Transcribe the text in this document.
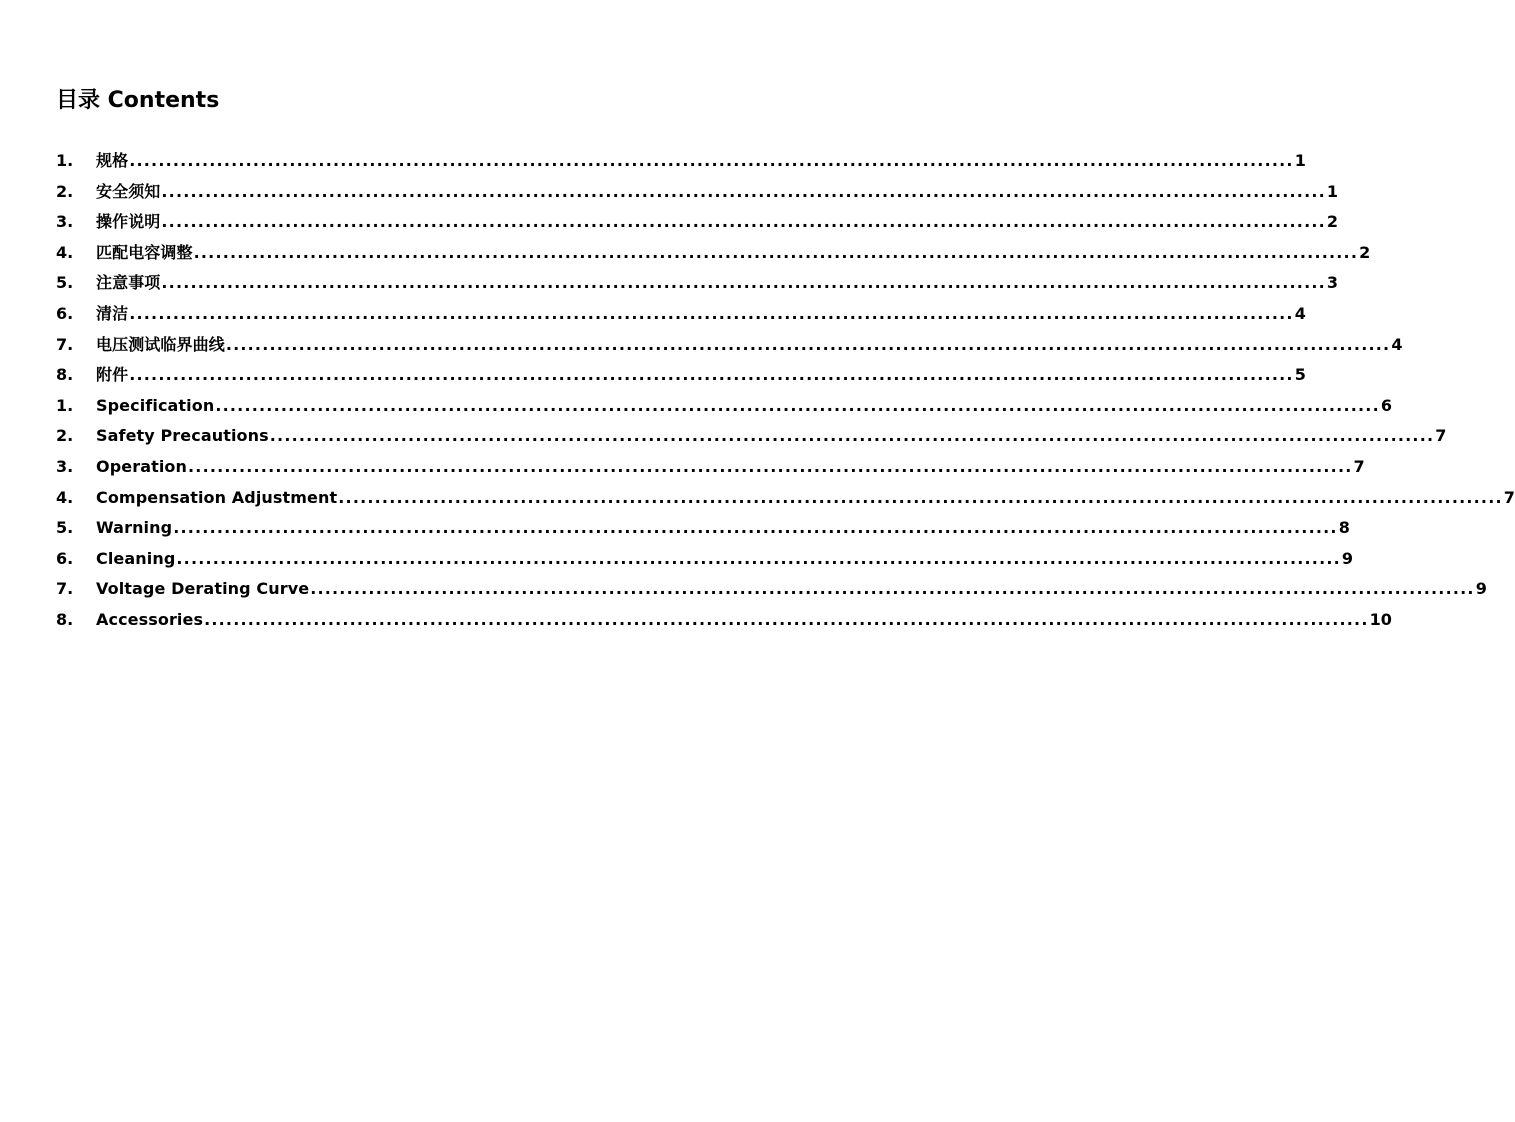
目录 Contents
1.	规格 ................................................................................................................................................................ 1
2.	安全须知 ................................................................................................................................................................ 1
3.	操作说明 ................................................................................................................................................................ 2
4.	匹配电容调整 ................................................................................................................................................................ 2
5.	注意事项 ................................................................................................................................................................ 3
6.	清洁 ................................................................................................................................................................ 4
7.	电压测试临界曲线 ................................................................................................................................................................ 4
8.	附件 ................................................................................................................................................................ 5
1.	Specification ................................................................................................................................................................ 6
2.	Safety Precautions ................................................................................................................................................................ 7
3.	Operation ................................................................................................................................................................ 7
4.	Compensation Adjustment ................................................................................................................................................................ 7
5.	Warning ................................................................................................................................................................ 8
6.	Cleaning ................................................................................................................................................................ 9
7.	Voltage Derating Curve ................................................................................................................................................................ 9
8.	Accessories ................................................................................................................................................................ 10
